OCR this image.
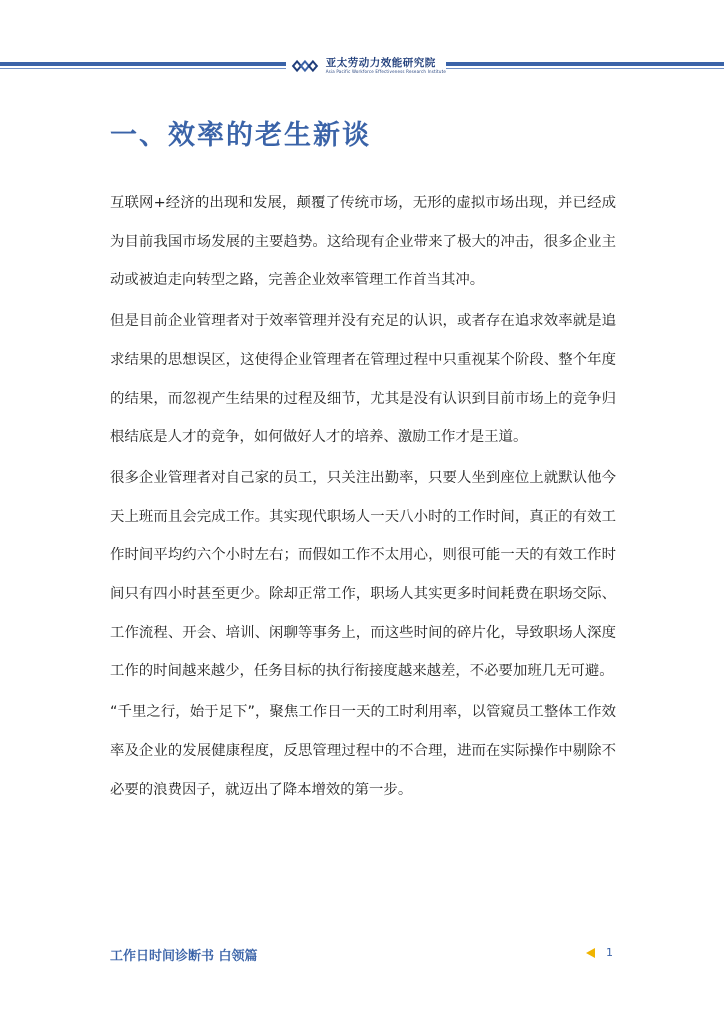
亚太劳动力效能研究院
Asia Pacific Workforce Effectiveness Research Institute
一、效率的老生新谈

互联网+经济的出现和发展，颠覆了传统市场，无形的虚拟市场出现，并已经成为目前我国市场发展的主要趋势。这给现有企业带来了极大的冲击，很多企业主动或被迫走向转型之路，完善企业效率管理工作首当其冲。

但是目前企业管理者对于效率管理并没有充足的认识，或者存在追求效率就是追求结果的思想误区，这使得企业管理者在管理过程中只重视某个阶段、整个年度的结果，而忽视产生结果的过程及细节，尤其是没有认识到目前市场上的竞争归根结底是人才的竞争，如何做好人才的培养、激励工作才是王道。

很多企业管理者对自己家的员工，只关注出勤率，只要人坐到座位上就默认他今天上班而且会完成工作。其实现代职场人一天八小时的工作时间，真正的有效工作时间平均约六个小时左右；而假如工作不太用心，则很可能一天的有效工作时间只有四小时甚至更少。除却正常工作，职场人其实更多时间耗费在职场交际、工作流程、开会、培训、闲聊等事务上，而这些时间的碎片化，导致职场人深度工作的时间越来越少，任务目标的执行衔接度越来越差，不必要加班几无可避。

“千里之行，始于足下”，聚焦工作日一天的工时利用率，以管窥员工整体工作效率及企业的发展健康程度，反思管理过程中的不合理，进而在实际操作中剔除不必要的浪费因子，就迈出了降本增效的第一步。

工作日时间诊断书 白领篇	1
